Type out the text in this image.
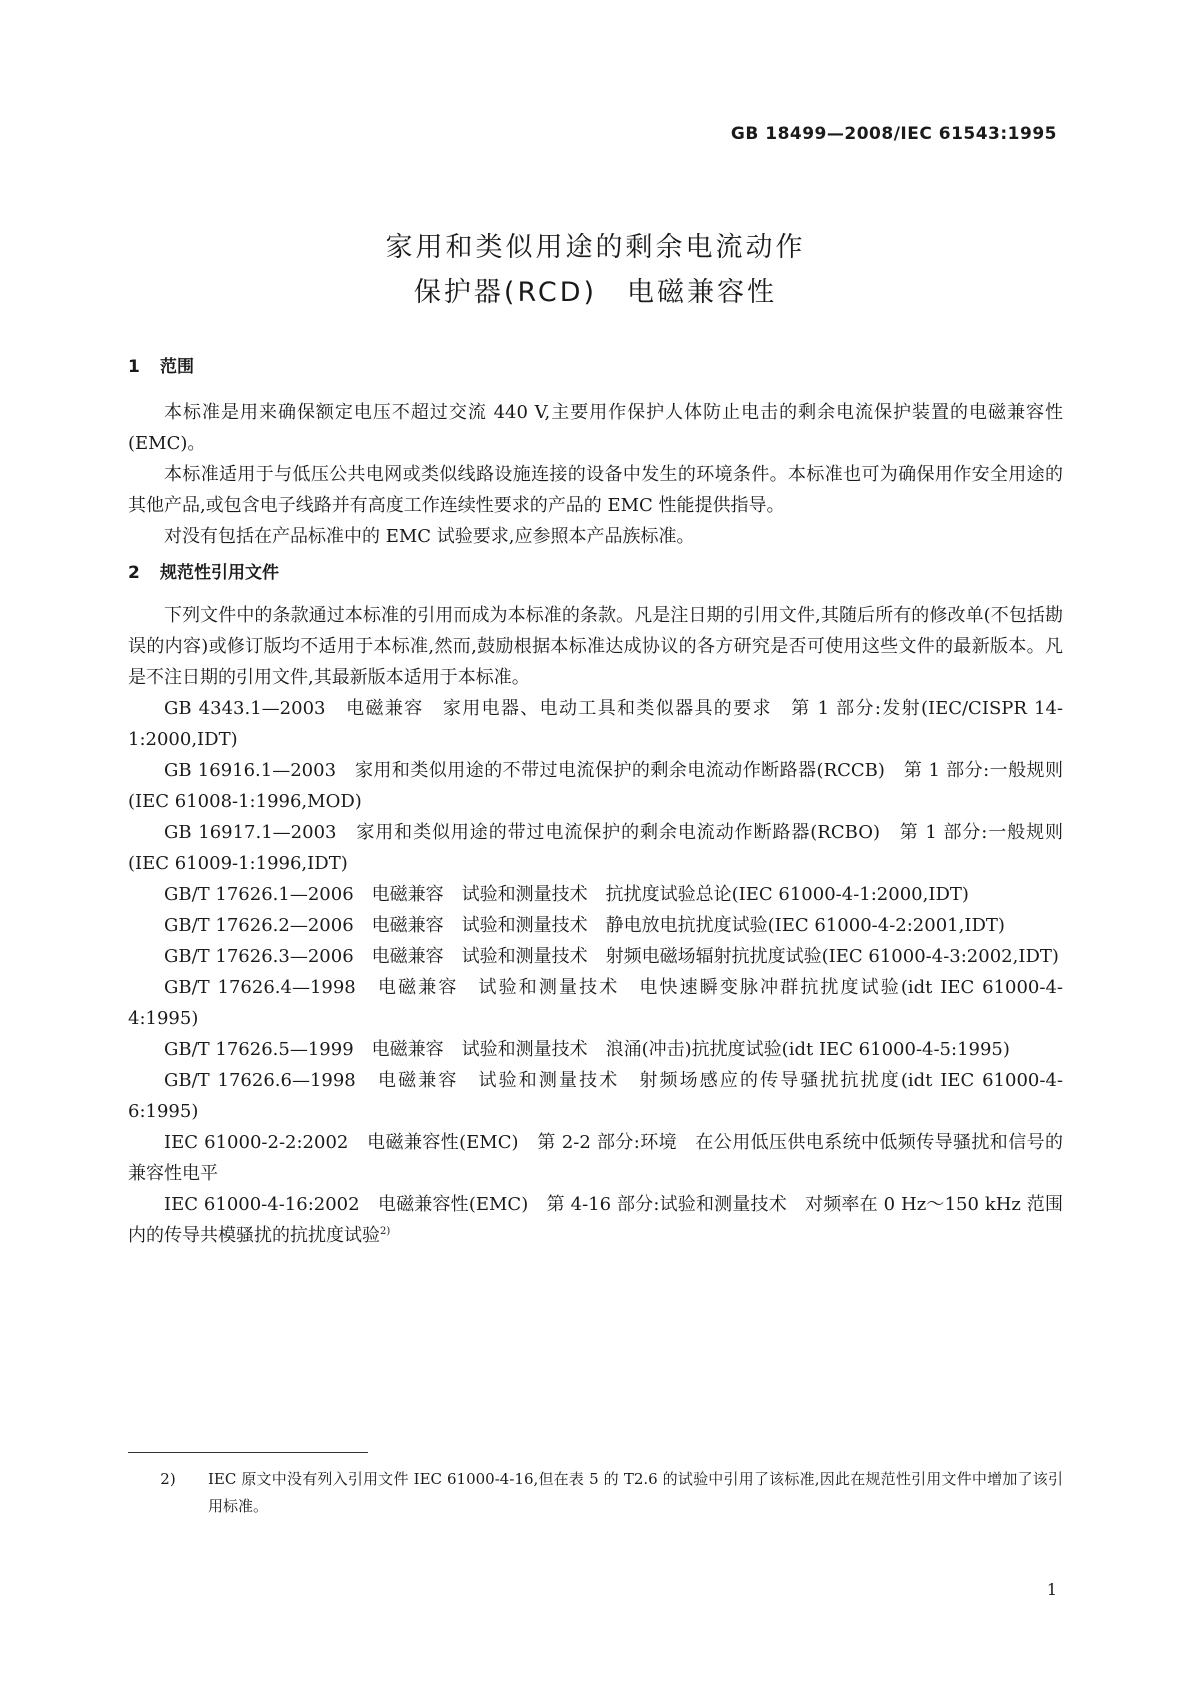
GB 18499—2008/IEC 61543:1995
家用和类似用途的剩余电流动作
保护器(RCD)　电磁兼容性
1 范围
本标准是用来确保额定电压不超过交流 440 V,主要用作保护人体防止电击的剩余电流保护装置的电磁兼容性(EMC)。
本标准适用于与低压公共电网或类似线路设施连接的设备中发生的环境条件。本标准也可为确保用作安全用途的其他产品,或包含电子线路并有高度工作连续性要求的产品的 EMC 性能提供指导。
对没有包括在产品标准中的 EMC 试验要求,应参照本产品族标准。
2 规范性引用文件
下列文件中的条款通过本标准的引用而成为本标准的条款。凡是注日期的引用文件,其随后所有的修改单(不包括勘误的内容)或修订版均不适用于本标准,然而,鼓励根据本标准达成协议的各方研究是否可使用这些文件的最新版本。凡是不注日期的引用文件,其最新版本适用于本标准。
GB 4343.1—2003　电磁兼容　家用电器、电动工具和类似器具的要求　第 1 部分:发射(IEC/CISPR 14-1:2000,IDT)
GB 16916.1—2003　家用和类似用途的不带过电流保护的剩余电流动作断路器(RCCB)　第 1 部分:一般规则(IEC 61008-1:1996,MOD)
GB 16917.1—2003　家用和类似用途的带过电流保护的剩余电流动作断路器(RCBO)　第 1 部分:一般规则(IEC 61009-1:1996,IDT)
GB/T 17626.1—2006　电磁兼容　试验和测量技术　抗扰度试验总论(IEC 61000-4-1:2000,IDT)
GB/T 17626.2—2006　电磁兼容　试验和测量技术　静电放电抗扰度试验(IEC 61000-4-2:2001,IDT)
GB/T 17626.3—2006　电磁兼容　试验和测量技术　射频电磁场辐射抗扰度试验(IEC 61000-4-3:2002,IDT)
GB/T 17626.4—1998　电磁兼容　试验和测量技术　电快速瞬变脉冲群抗扰度试验(idt IEC 61000-4-4:1995)
GB/T 17626.5—1999　电磁兼容　试验和测量技术　浪涌(冲击)抗扰度试验(idt IEC 61000-4-5:1995)
GB/T 17626.6—1998　电磁兼容　试验和测量技术　射频场感应的传导骚扰抗扰度(idt IEC 61000-4-6:1995)
IEC 61000-2-2:2002　电磁兼容性(EMC)　第 2-2 部分:环境　在公用低压供电系统中低频传导骚扰和信号的兼容性电平
IEC 61000-4-16:2002　电磁兼容性(EMC)　第 4-16 部分:试验和测量技术　对频率在 0 Hz～150 kHz 范围内的传导共模骚扰的抗扰度试验$^{2)}$
2)	IEC 原文中没有列入引用文件 IEC 61000-4-16,但在表 5 的 T2.6 的试验中引用了该标准,因此在规范性引用文件中增加了该引用标准。
1
